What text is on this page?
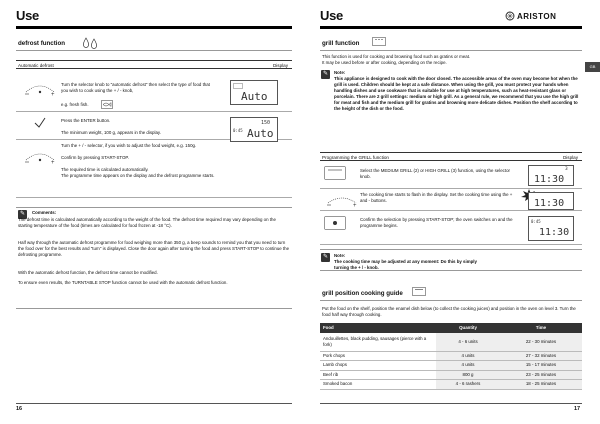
Use
defrost function
Automatic defrost	Display
+
Turn the selector knob to "automatic defrost" then select the type of food that you wish to cook using the + / - knob,
e.g. fresh fish.
Auto
Press the ENTER button.
The minimum weight, 100 g, appears in the display.
150
0:45 Auto
+
Turn the + / - selector, if you wish to adjust the food weight, e.g. 150g.
Confirm by pressing START-STOP.
The required time is calculated automatically.
The programme time appears on the display and the defrost programme starts.
✎	Comments:
The defrost time is calculated automatically according to the weight of the food. The defrost time required may vary depending on the starting temperature of the food (times are calculated for food frozen at -18 °C).
Half way through the automatic defrost programme for food weighing more than 350 g, a beep sounds to remind you that you need to turn the food over for the best results and "turn" is displayed. Close the door again after turning the food and press START-STOP to continue the defrosting programme.
With the automatic defrost function, the defrost time cannot be modified.
To ensure even results, the TURNTABLE STOP function cannot be used with the automatic defrost function.
16
Use	ARISTON
GB
grill function
This function is used for cooking and browning food such as gratins or meat.
It may be used before or after cooking, depending on the recipe.
✎	Note:
This appliance is designed to cook with the door closed. The accessible areas of the oven may become hot when the grill is used. Children should be kept at a safe distance. When using the grill, you must protect your hands when handling dishes and use cookware that is suitable for use at high temperatures, such as heat-resistant glass or porcelain. There are 2 grill settings: medium or high grill. As a general rule, we recommend that you use the high grill for meat and fish and the medium grill for gratins and browning more delicate dishes. Position the shelf according to the height of the dish or the food.
Programming the GRILL function	Display
Select the MEDIUM GRILL (2) or HIGH GRILL (3) function, using the selector knob.
3
11:30
+
The cooking time starts to flash in the display. Set the cooking time using the + and - buttons.	11:30
Confirm the selection by pressing START-STOP; the oven switches on and the programme begins.
0:45
11:30
✎	Note:
The cooking time may be adjusted at any moment: Do this by simply turning the + / - knob.
grill position cooking guide
Put the food on the shelf, position the enamel dish below (to collect the cooking juices) and position in the oven on level 3. Turn the food half way through cooking.
Food	Quantity	Time
Andouillettes, black pudding, sausages (pierce with a fork)	4 - 6 units	22 - 30 minutes
Pork chops	4 units	27 - 32 minutes
Lamb chops	4 units	15 - 17 minutes
Beef rib	800 g	23 - 25 minutes
Smoked bacon	4 - 6 rashers	18 - 25 minutes
17
